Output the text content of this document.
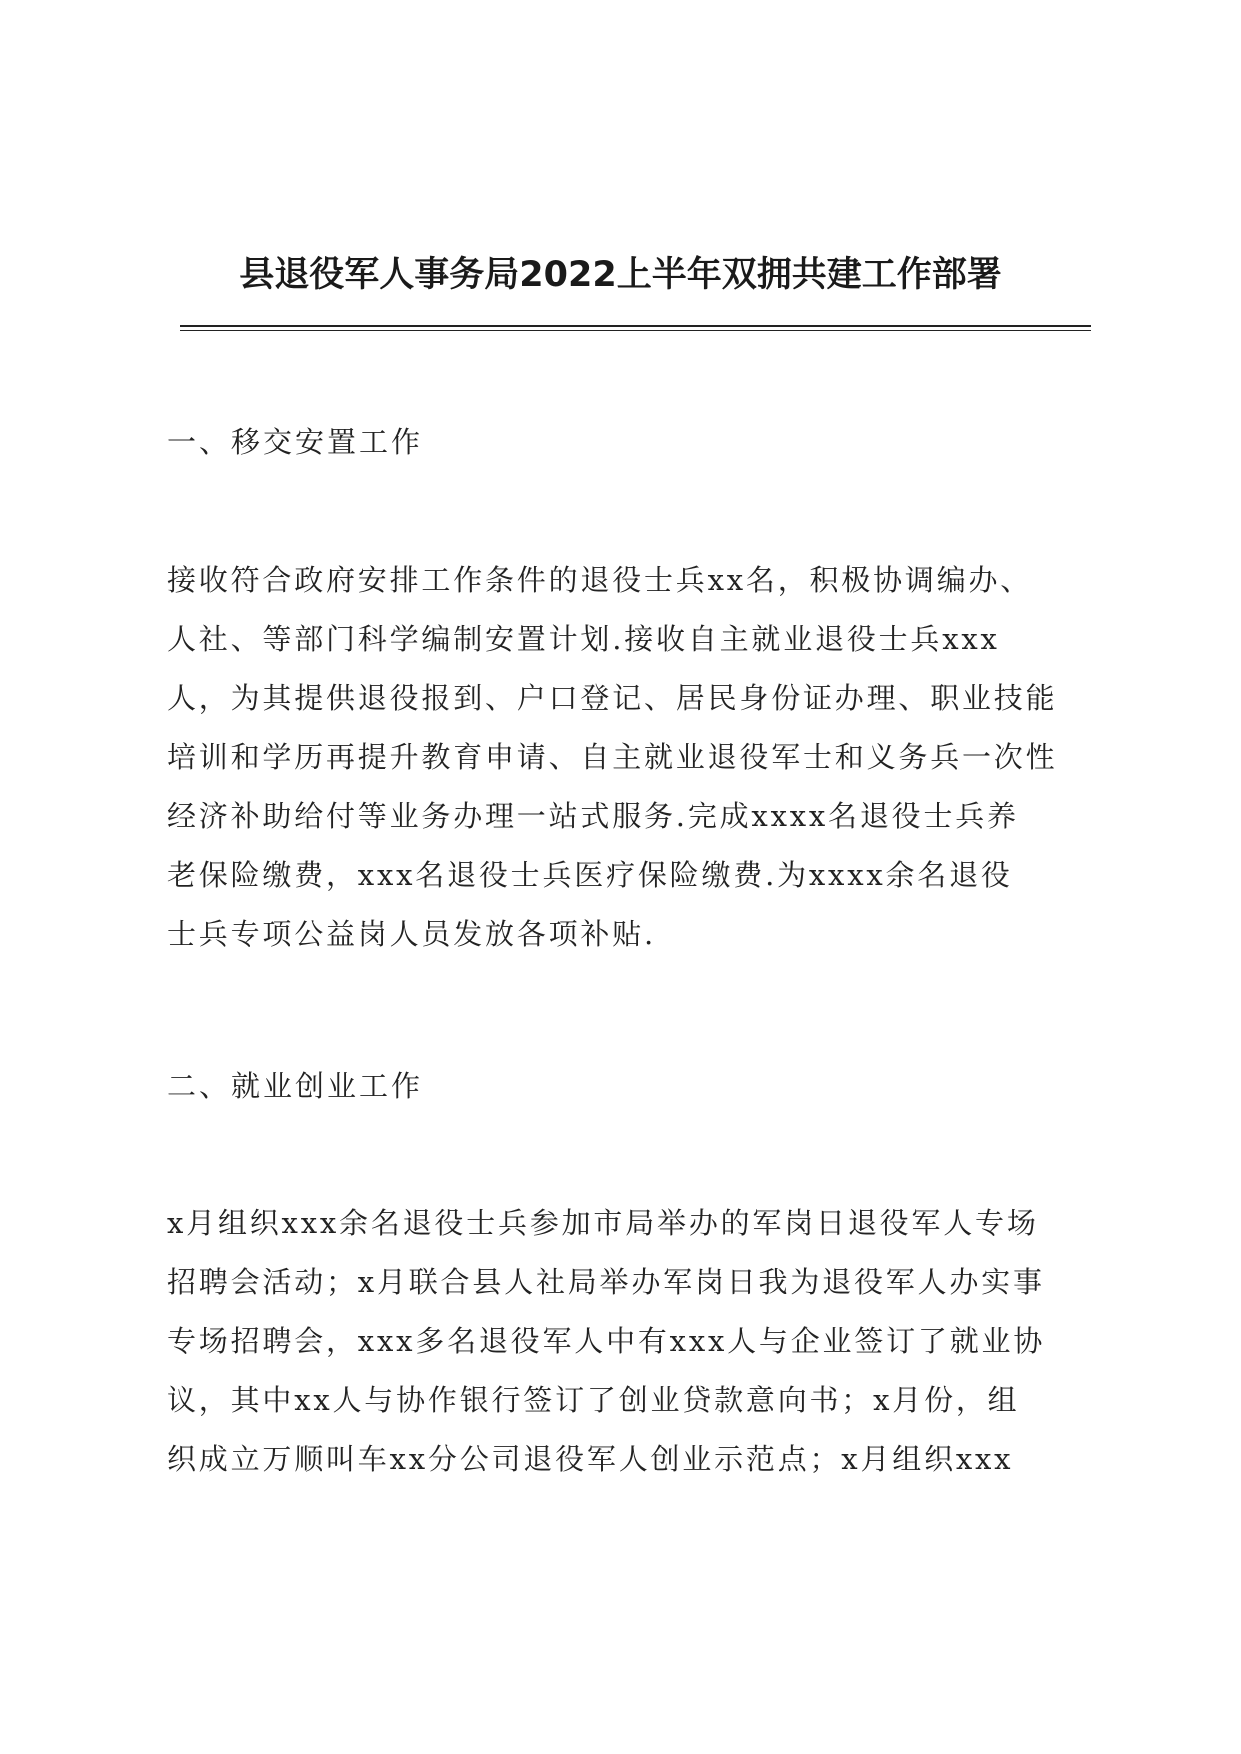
县退役军人事务局2022上半年双拥共建工作部署
一、移交安置工作
接收符合政府安排工作条件的退役士兵xx名，积极协调编办、
人社、等部门科学编制安置计划.接收自主就业退役士兵xxx
人，为其提供退役报到、户口登记、居民身份证办理、职业技能
培训和学历再提升教育申请、自主就业退役军士和义务兵一次性
经济补助给付等业务办理一站式服务.完成xxxx名退役士兵养
老保险缴费，xxx名退役士兵医疗保险缴费.为xxxx余名退役
士兵专项公益岗人员发放各项补贴.
二、就业创业工作
x月组织xxx余名退役士兵参加市局举办的军岗日退役军人专场
招聘会活动；x月联合县人社局举办军岗日我为退役军人办实事
专场招聘会，xxx多名退役军人中有xxx人与企业签订了就业协
议，其中xx人与协作银行签订了创业贷款意向书；x月份，组
织成立万顺叫车xx分公司退役军人创业示范点；x月组织xxx
